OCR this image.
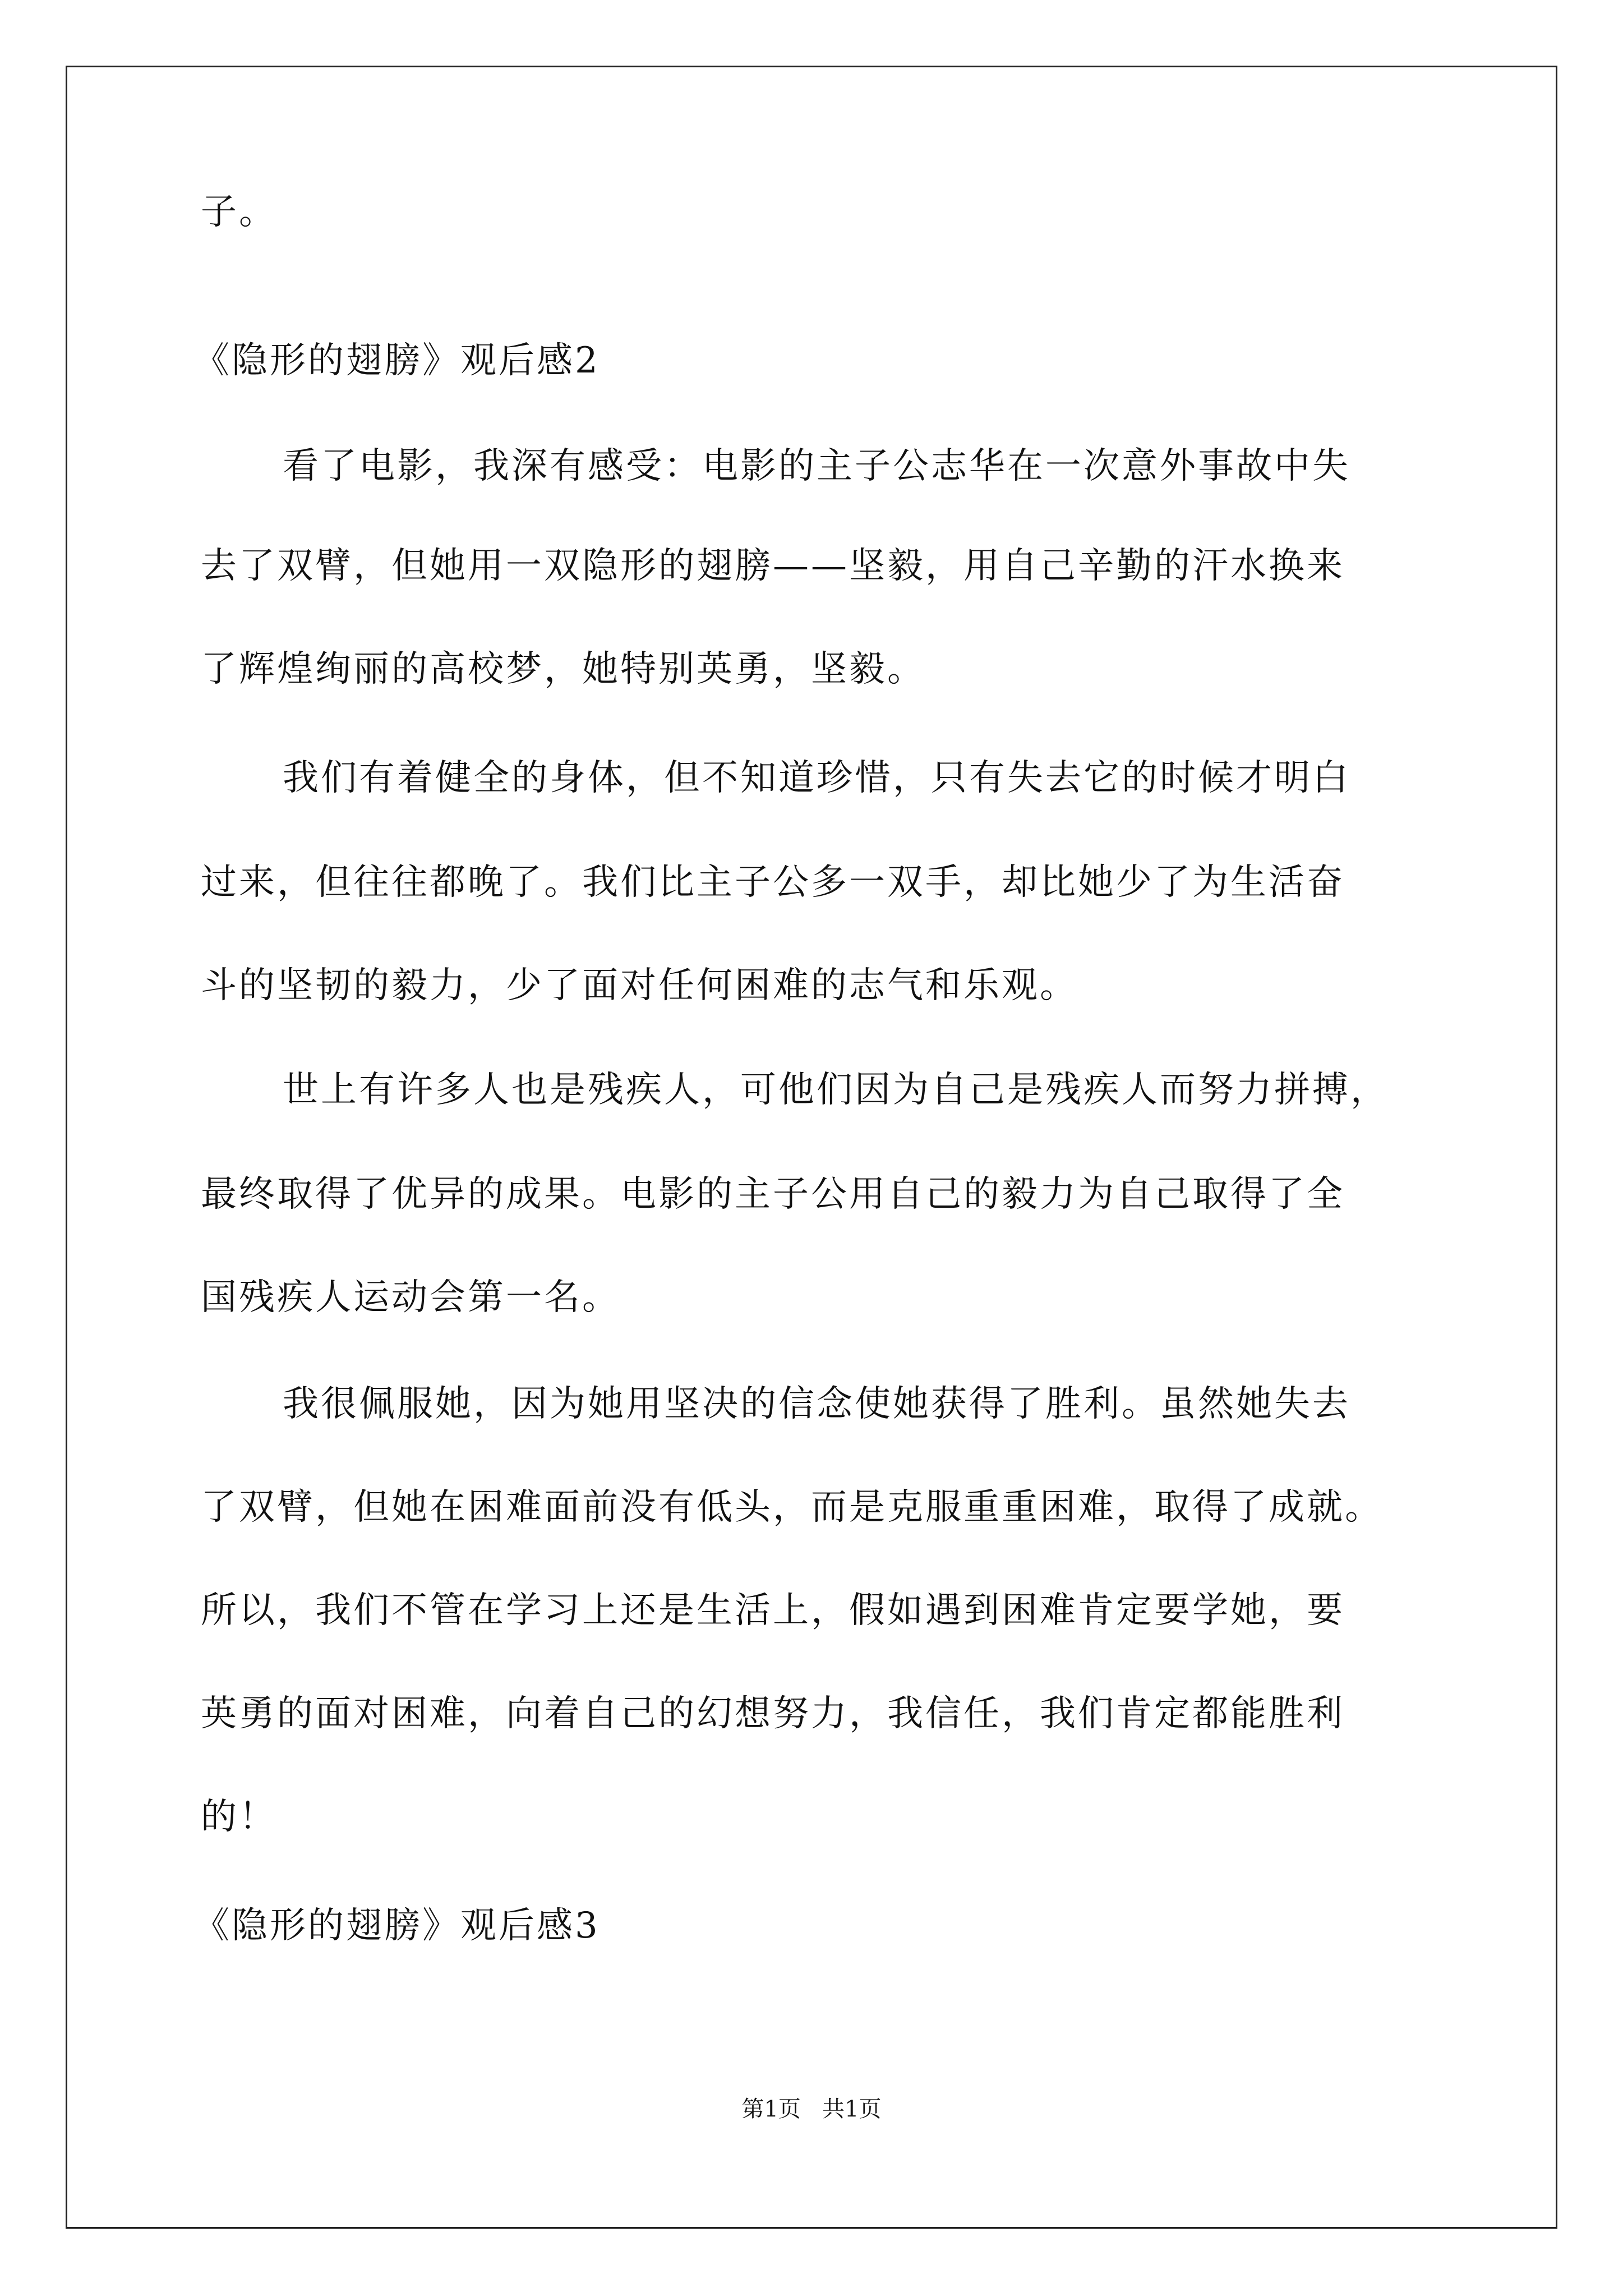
子。

《隐形的翅膀》观后感2

看了电影，我深有感受：电影的主子公志华在一次意外事故中失

去了双臂，但她用一双隐形的翅膀——坚毅，用自己辛勤的汗水换来

了辉煌绚丽的高校梦，她特别英勇，坚毅。

我们有着健全的身体，但不知道珍惜，只有失去它的时候才明白

过来，但往往都晚了。我们比主子公多一双手，却比她少了为生活奋

斗的坚韧的毅力，少了面对任何困难的志气和乐观。

世上有许多人也是残疾人，可他们因为自己是残疾人而努力拼搏，

最终取得了优异的成果。电影的主子公用自己的毅力为自己取得了全

国残疾人运动会第一名。

我很佩服她，因为她用坚决的信念使她获得了胜利。虽然她失去

了双臂，但她在困难面前没有低头，而是克服重重困难，取得了成就。

所以，我们不管在学习上还是生活上，假如遇到困难肯定要学她，要

英勇的面对困难，向着自己的幻想努力，我信任，我们肯定都能胜利

的！

《隐形的翅膀》观后感3

第1页   共1页
